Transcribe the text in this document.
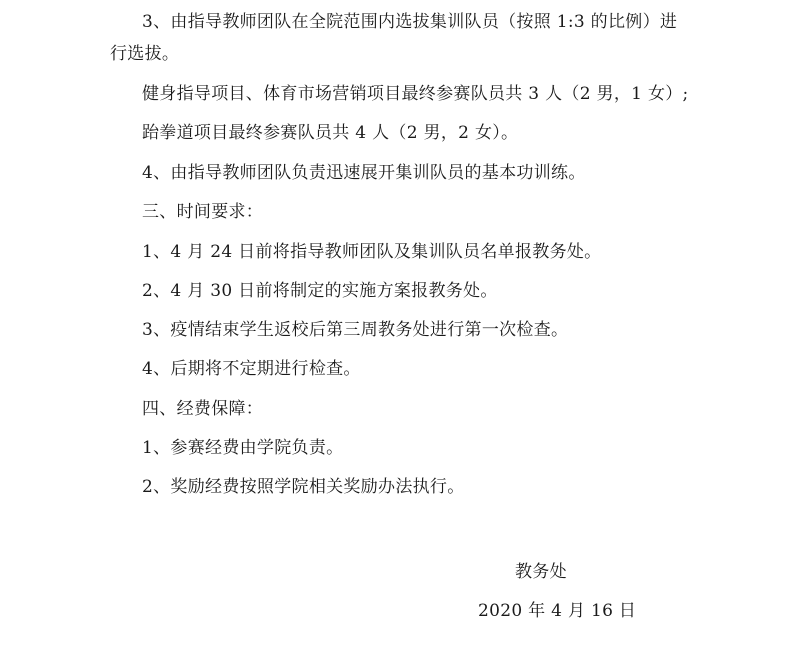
3、由指导教师团队在全院范围内选拔集训队员（按照 1:3 的比例）进
行选拔。
健身指导项目、体育市场营销项目最终参赛队员共 3 人（2 男，1 女）;
跆拳道项目最终参赛队员共 4 人（2 男，2 女）。
4、由指导教师团队负责迅速展开集训队员的基本功训练。
三、时间要求：
1、4 月 24 日前将指导教师团队及集训队员名单报教务处。
2、4 月 30 日前将制定的实施方案报教务处。
3、疫情结束学生返校后第三周教务处进行第一次检查。
4、后期将不定期进行检查。
四、经费保障：
1、参赛经费由学院负责。
2、奖励经费按照学院相关奖励办法执行。
教务处
2020 年 4 月 16 日
